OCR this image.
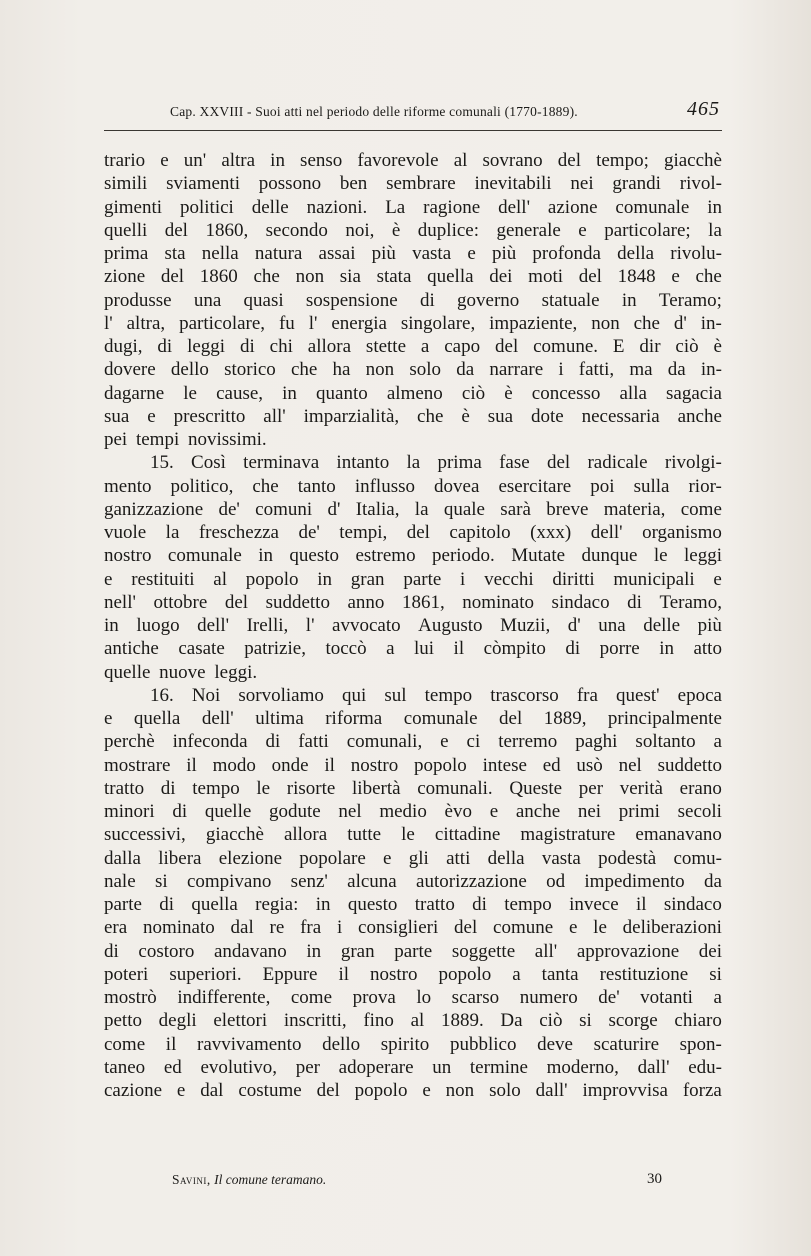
Cap. XXVIII - Suoi atti nel periodo delle riforme comunali (1770-1889).	465
trario e un' altra in senso favorevole al sovrano del tempo; giacchè
simili sviamenti possono ben sembrare inevitabili nei grandi rivol-
gimenti politici delle nazioni. La ragione dell' azione comunale in
quelli del 1860, secondo noi, è duplice: generale e particolare; la
prima sta nella natura assai più vasta e più profonda della rivolu-
zione del 1860 che non sia stata quella dei moti del 1848 e che
produsse una quasi sospensione di governo statuale in Teramo;
l' altra, particolare, fu l' energia singolare, impaziente, non che d' in-
dugi, di leggi di chi allora stette a capo del comune. E dir ciò è
dovere dello storico che ha non solo da narrare i fatti, ma da in-
dagarne le cause, in quanto almeno ciò è concesso alla sagacia
sua e prescritto all' imparzialità, che è sua dote necessaria anche
pei tempi novissimi.
15. Così terminava intanto la prima fase del radicale rivolgi-
mento politico, che tanto influsso dovea esercitare poi sulla rior-
ganizzazione de' comuni d' Italia, la quale sarà breve materia, come
vuole la freschezza de' tempi, del capitolo (xxx) dell' organismo
nostro comunale in questo estremo periodo. Mutate dunque le leggi
e restituiti al popolo in gran parte i vecchi diritti municipali e
nell' ottobre del suddetto anno 1861, nominato sindaco di Teramo,
in luogo dell' Irelli, l' avvocato Augusto Muzii, d' una delle più
antiche casate patrizie, toccò a lui il còmpito di porre in atto
quelle nuove leggi.
16. Noi sorvoliamo qui sul tempo trascorso fra quest' epoca
e quella dell' ultima riforma comunale del 1889, principalmente
perchè infeconda di fatti comunali, e ci terremo paghi soltanto a
mostrare il modo onde il nostro popolo intese ed usò nel suddetto
tratto di tempo le risorte libertà comunali. Queste per verità erano
minori di quelle godute nel medio èvo e anche nei primi secoli
successivi, giacchè allora tutte le cittadine magistrature emanavano
dalla libera elezione popolare e gli atti della vasta podestà comu-
nale si compivano senz' alcuna autorizzazione od impedimento da
parte di quella regia: in questo tratto di tempo invece il sindaco
era nominato dal re fra i consiglieri del comune e le deliberazioni
di costoro andavano in gran parte soggette all' approvazione dei
poteri superiori. Eppure il nostro popolo a tanta restituzione si
mostrò indifferente, come prova lo scarso numero de' votanti a
petto degli elettori inscritti, fino al 1889. Da ciò si scorge chiaro
come il ravvivamento dello spirito pubblico deve scaturire spon-
taneo ed evolutivo, per adoperare un termine moderno, dall' edu-
cazione e dal costume del popolo e non solo dall' improvvisa forza
Savini, Il comune teramano.	30
